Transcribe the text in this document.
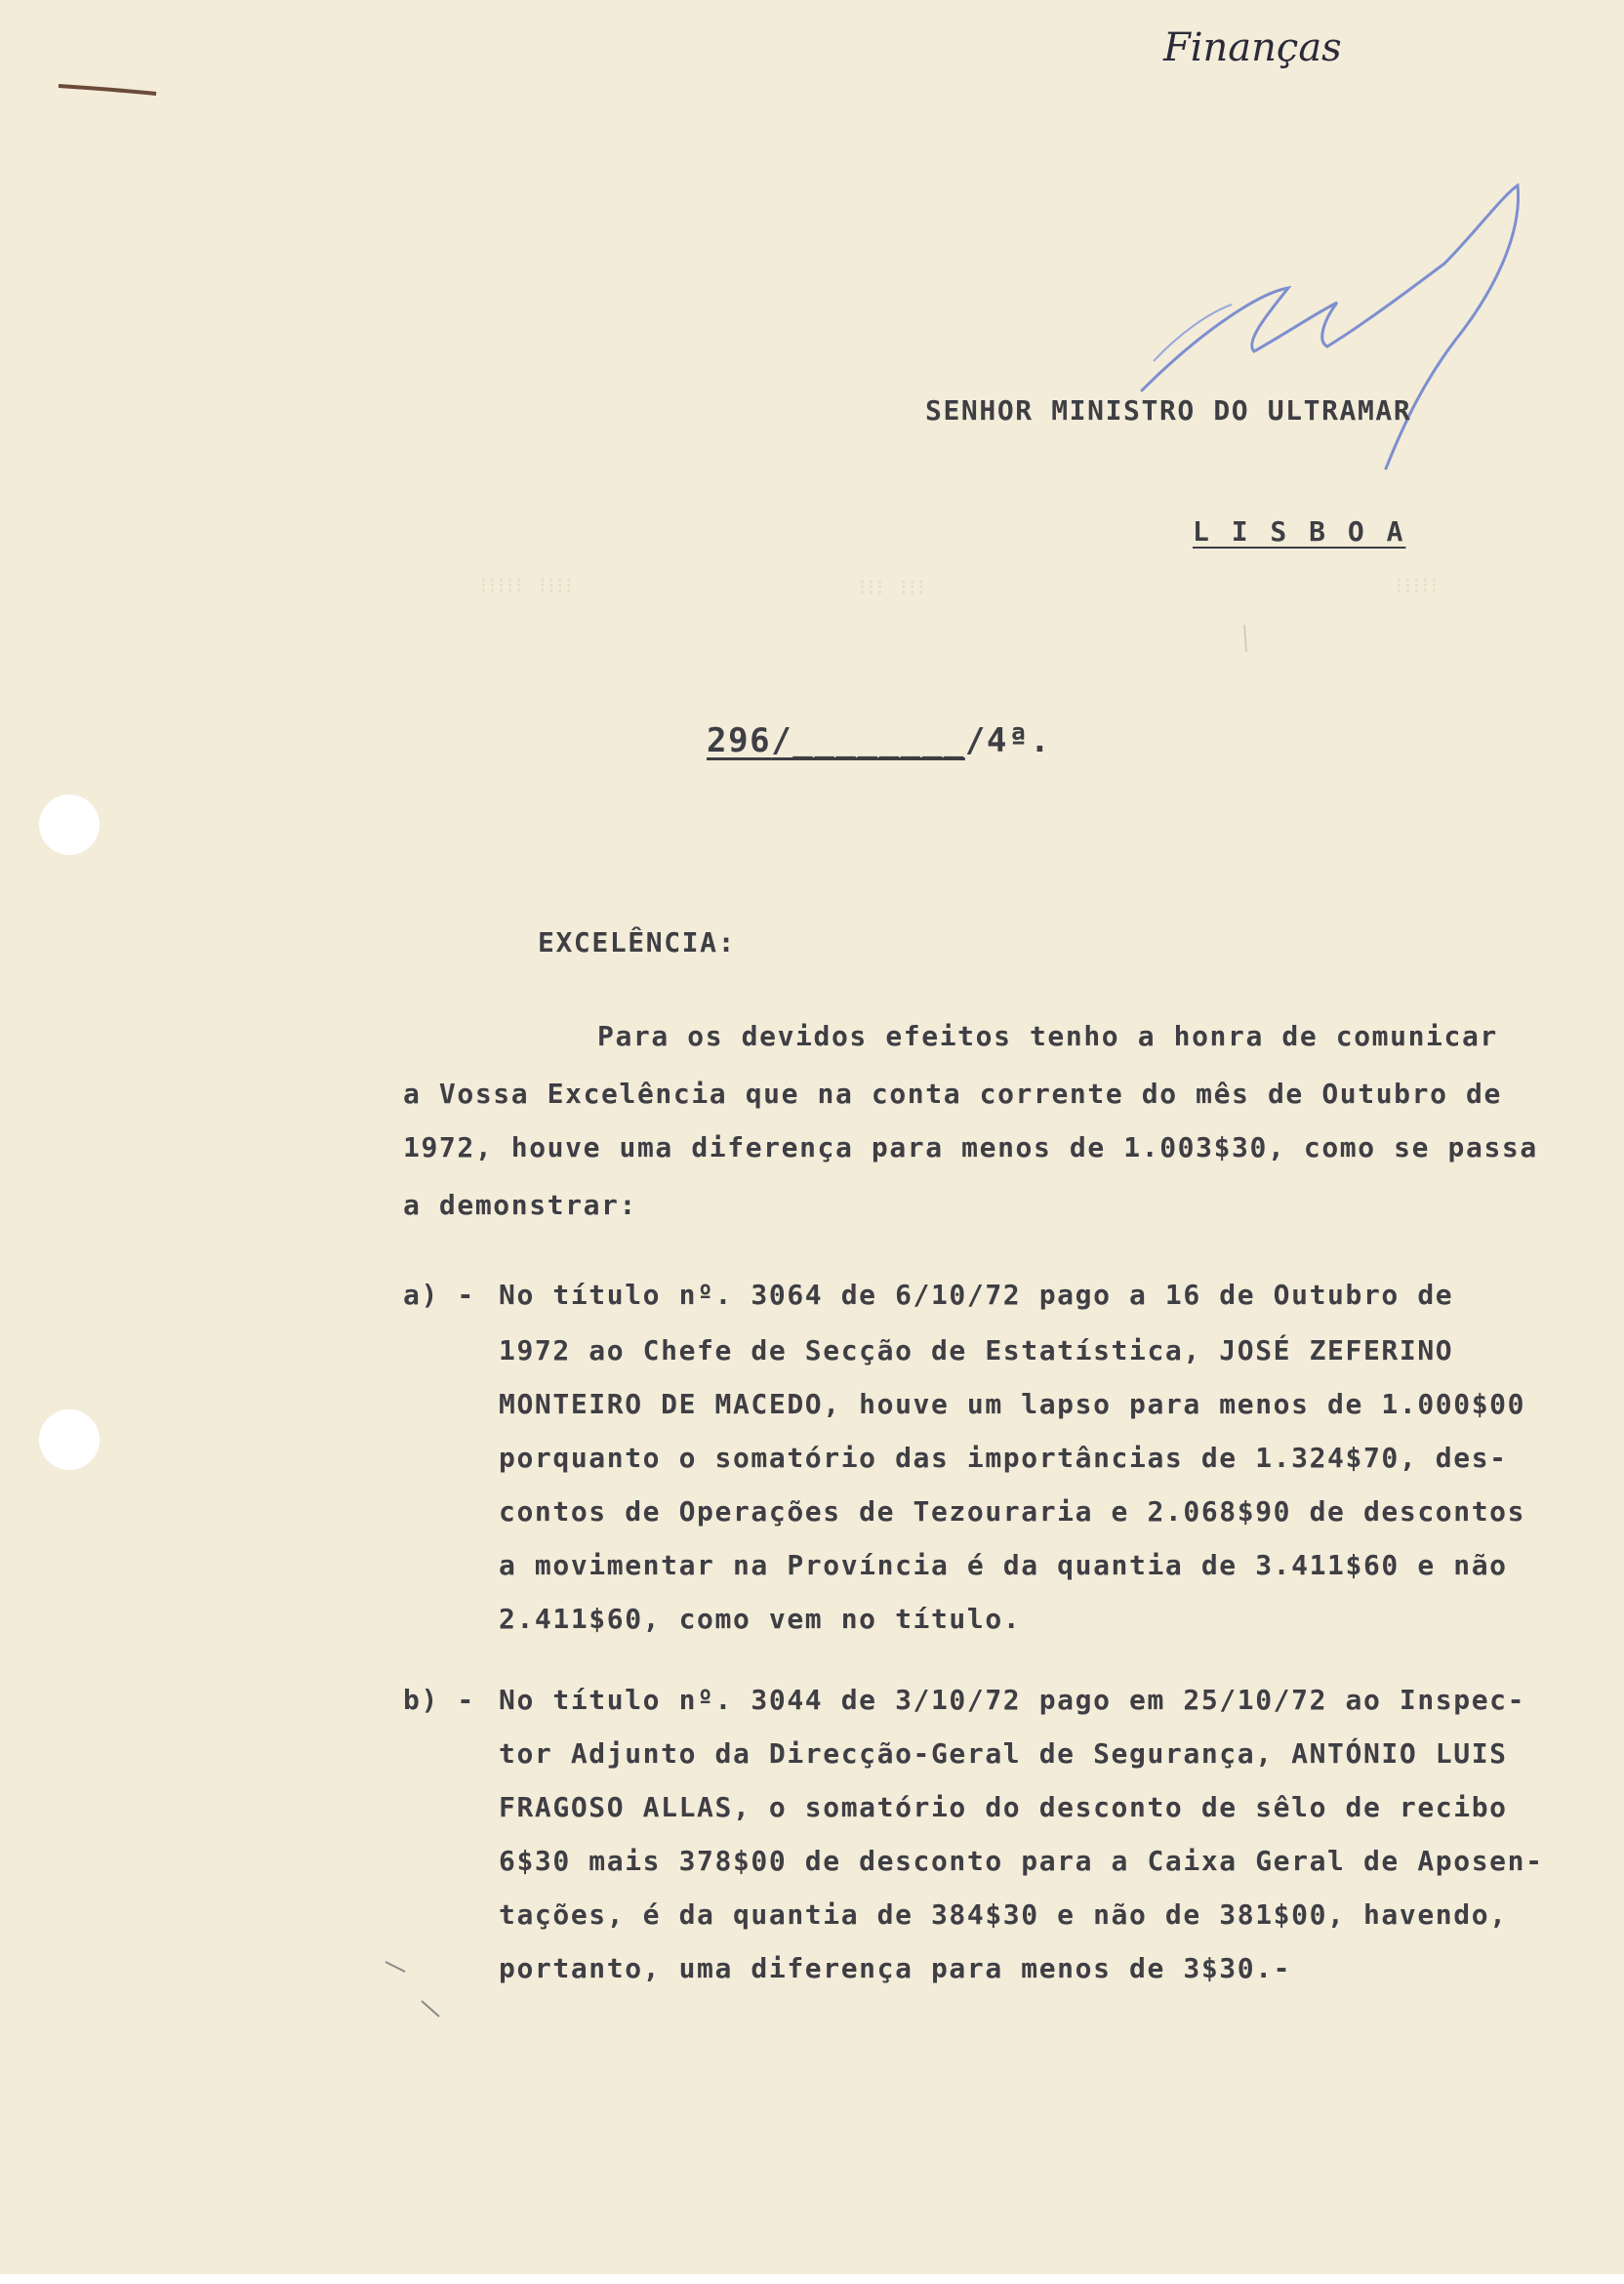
⁝⁝⁝⁝⁝ ⁝⁝⁝⁝	⁝⁝⁝ ⁝⁝⁝	⁝⁝⁝⁝⁝
Finanças
SENHOR MINISTRO DO ULTRAMAR
L I S B O A
296/________/4ª.
EXCELÊNCIA:
Para os devidos efeitos tenho a honra de comunicar
a Vossa Excelência que na conta corrente do mês de Outubro de
1972, houve uma diferença para menos de 1.003$30, como se passa
a demonstrar:
a) - No título nº. 3064 de 6/10/72 pago a 16 de Outubro de
1972 ao Chefe de Secção de Estatística, JOSÉ ZEFERINO
MONTEIRO DE MACEDO, houve um lapso para menos de 1.000$00
porquanto o somatório das importâncias de 1.324$70, des-
contos de Operações de Tezouraria e 2.068$90 de descontos
a movimentar na Província é da quantia de 3.411$60 e não
2.411$60, como vem no título.
b) - No título nº. 3044 de 3/10/72 pago em 25/10/72 ao Inspec-
tor Adjunto da Direcção-Geral de Segurança, ANTÓNIO LUIS
FRAGOSO ALLAS, o somatório do desconto de sêlo de recibo
6$30 mais 378$00 de desconto para a Caixa Geral de Aposen-
tações, é da quantia de 384$30 e não de 381$00, havendo,
portanto, uma diferença para menos de 3$30.-
